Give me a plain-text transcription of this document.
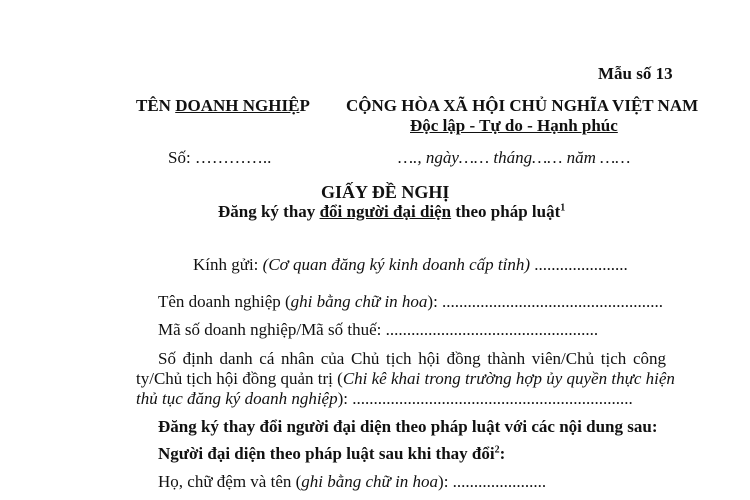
Mẫu số 13
TÊN DOANH NGHIỆP CỘNG HÒA XÃ HỘI CHỦ NGHĨA VIỆT NAM
Độc lập - Tự do - Hạnh phúc
Số: …………..	…., ngày…… tháng…… năm ……
GIẤY ĐỀ NGHỊ
Đăng ký thay đổi người đại diện theo pháp luật$^1$
Kính gửi: (Cơ quan đăng ký kinh doanh cấp tỉnh) ......................
Tên doanh nghiệp (ghi bằng chữ in hoa): ....................................................
Mã số doanh nghiệp/Mã số thuế: ..................................................
Số định danh cá nhân của Chủ tịch hội đồng thành viên/Chủ tịch công
ty/Chủ tịch hội đồng quản trị (Chi kê khai trong trường hợp ủy quyền thực hiện
thủ tục đăng ký doanh nghiệp): ..................................................................
Đăng ký thay đổi người đại diện theo pháp luật với các nội dung sau:
Người đại diện theo pháp luật sau khi thay đổi$^2$:
Họ, chữ đệm và tên (ghi bằng chữ in hoa): ......................
